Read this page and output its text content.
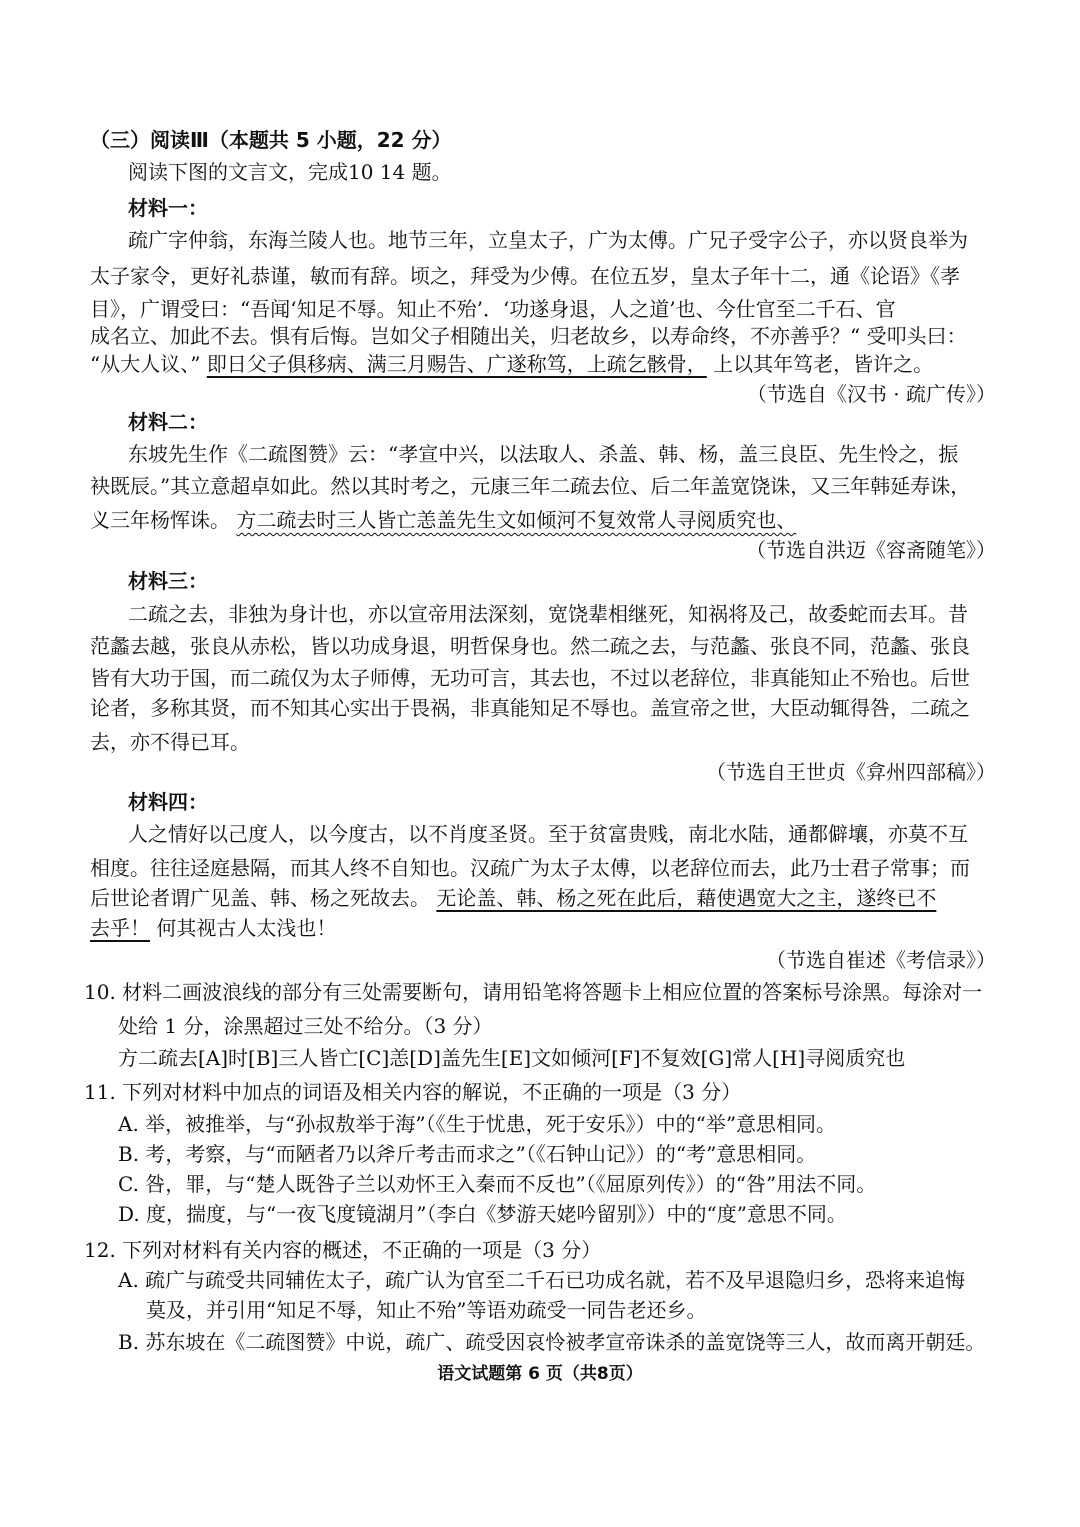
（三）阅读Ⅲ（本题共 5 小题，22 分）
阅读下图的文言文，完成10 14 题。
材料一：
疏广字仲翁，东海兰陵人也。地节三年，立皇太子，广为太傅。广兄子受字公子，亦以贤良举为
太子家令，更好礼恭谨，敏而有辞。顷之，拜受为少傅。在位五岁，皇太子年十二，通《论语》《孝
目》，广谓受曰：“吾闻‘知足不辱。知止不殆’．‘功遂身退，人之道’也、今仕官至二千石、官
成名立、加此不去。惧有后悔。岂如父子相随出关，归老故乡，以寿命终，不亦善乎？“ 受叩头曰：
“从大人议、” 即日父子俱移病、满三月赐告、广遂称笃，上疏乞骸骨， 上以其年笃老，皆许之。
（节选自《汉书 · 疏广传》）
材料二：
东坡先生作《二疏图赞》云：“孝宣中兴，以法取人、杀盖、韩、杨，盖三良臣、先生怜之，振
袂既辰。”其立意超卓如此。然以其时考之，元康三年二疏去位、后二年盖宽饶诛，又三年韩延寿诛，
义三年杨恽诛。 方二疏去时三人皆亡恙盖先生文如倾河不复效常人寻阅质究也、
（节选自洪迈《容斋随笔》）
材料三：
二疏之去，非独为身计也，亦以宣帝用法深刻，宽饶辈相继死，知祸将及己，故委蛇而去耳。昔
范蠡去越，张良从赤松，皆以功成身退，明哲保身也。然二疏之去，与范蠡、张良不同，范蠡、张良
皆有大功于国，而二疏仅为太子师傅，无功可言，其去也，不过以老辞位，非真能知止不殆也。后世
论者，多称其贤，而不知其心实出于畏祸，非真能知足不辱也。盖宣帝之世，大臣动辄得咎，二疏之
去，亦不得已耳。
（节选自王世贞《弇州四部稿》）
材料四：
人之情好以己度人，以今度古，以不肖度圣贤。至于贫富贵贱，南北水陆，通都僻壤，亦莫不互
相度。往往迳庭悬隔，而其人终不自知也。汉疏广为太子太傅，以老辞位而去，此乃士君子常事；而
后世论者谓广见盖、韩、杨之死故去。 无论盖、韩、杨之死在此后，藉使遇宽大之主，遂终已不
去乎！ 何其视古人太浅也！
（节选自崔述《考信录》）
10. 材料二画波浪线的部分有三处需要断句，请用铅笔将答题卡上相应位置的答案标号涂黑。每涂对一
处给 1 分，涂黑超过三处不给分。（3 分）
方二疏去[A]时[B]三人皆亡[C]恙[D]盖先生[E]文如倾河[F]不复效[G]常人[H]寻阅质究也
11. 下列对材料中加点的词语及相关内容的解说，不正确的一项是（3 分）
A. 举，被推举，与“孙叔敖举于海”（《生于忧患，死于安乐》）中的“举”意思相同。
B. 考，考察，与“而陋者乃以斧斤考击而求之”（《石钟山记》）的“考”意思相同。
C. 咎，罪，与“楚人既咎子兰以劝怀王入秦而不反也”（《屈原列传》）的“咎”用法不同。
D. 度，揣度，与“一夜飞度镜湖月”（李白《梦游天姥吟留别》）中的“度”意思不同。
12. 下列对材料有关内容的概述，不正确的一项是（3 分）
A. 疏广与疏受共同辅佐太子，疏广认为官至二千石已功成名就，若不及早退隐归乡，恐将来追悔
莫及，并引用“知足不辱，知止不殆”等语劝疏受一同告老还乡。
B. 苏东坡在《二疏图赞》中说，疏广、疏受因哀怜被孝宣帝诛杀的盖宽饶等三人，故而离开朝廷。
语文试题第 6 页（共8页）
